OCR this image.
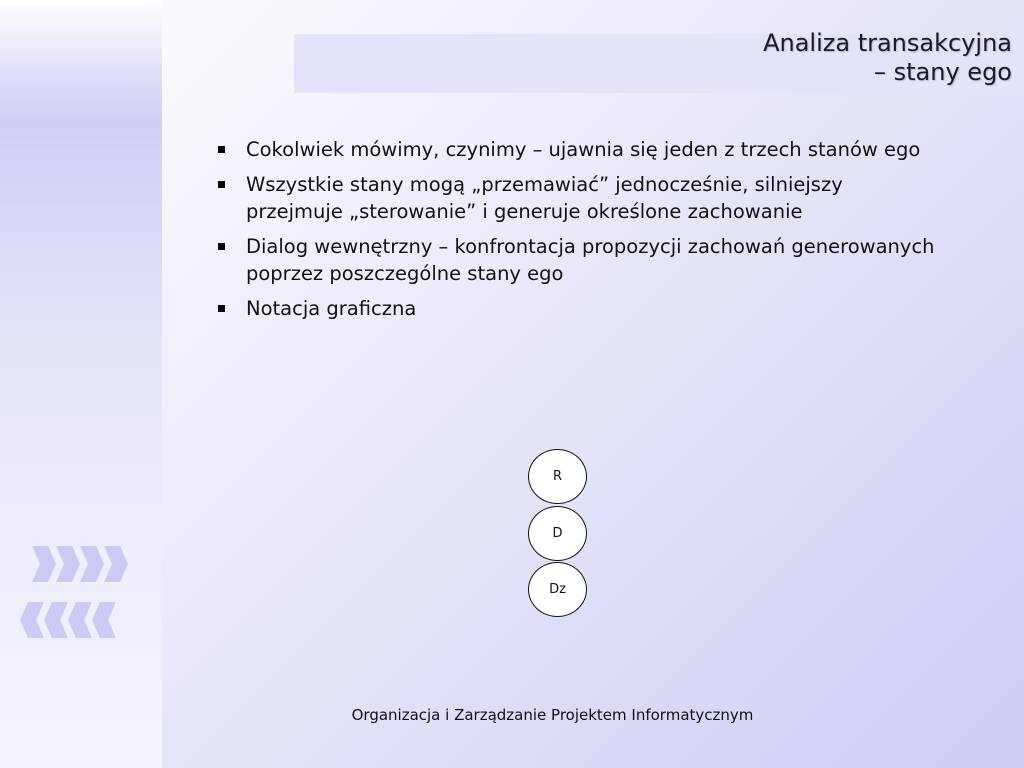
Analiza transakcyjna
– stany ego
Cokolwiek mówimy, czynimy – ujawnia się jeden z trzech stanów ego
Wszystkie stany mogą „przemawiać” jednocześnie, silniejszy przejmuje „sterowanie” i generuje określone zachowanie
Dialog wewnętrzny – konfrontacja propozycji zachowań generowanych poprzez poszczególne stany ego
Notacja graficzna
R
D
Dz
Organizacja i Zarządzanie Projektem Informatycznym
